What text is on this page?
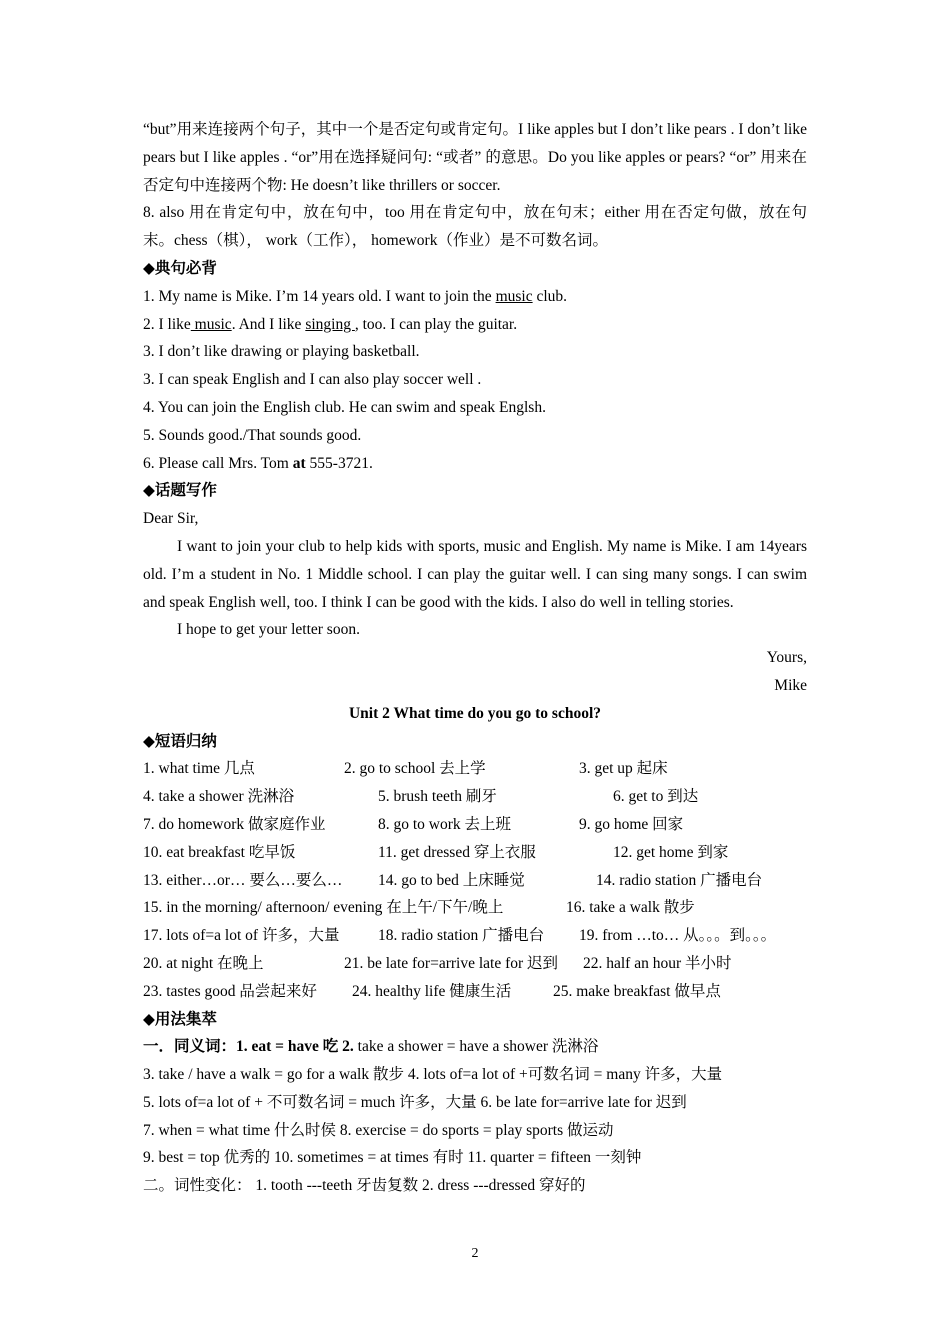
“but”用来连接两个句子，其中一个是否定句或肯定句。I like apples but I don’t like pears . I don’t like pears but I like apples . “or”用在选择疑问句: “或者” 的意思。Do you like apples or pears? “or” 用来在否定句中连接两个物: He doesn’t like thrillers or soccer.
8. also 用在肯定句中，放在句中，too 用在肯定句中，放在句末；either 用在否定句做，放在句末。chess（棋）， work（工作）， homework（作业）是不可数名词。
◆典句必背
1. My name is Mike. I’m 14 years old. I want to join the music club.
2. I like music. And I like singing , too. I can play the guitar.
3. I don’t like drawing or playing basketball.
3. I can speak English and I can also play soccer well .
4. You can join the English club. He can swim and speak Englsh.
5. Sounds good./That sounds good.
6. Please call Mrs. Tom at 555-3721.
◆话题写作
Dear Sir,
I want to join your club to help kids with sports, music and English. My name is Mike. I am 14years old. I’m a student in No. 1 Middle school. I can play the guitar well. I can sing many songs. I can swim and speak English well, too. I think I can be good with the kids. I also do well in telling stories.
I hope to get your letter soon.
Yours,
Mike
Unit 2 What time do you go to school?
◆短语归纳
1. what time 几点	2. go to school 去上学	3. get up 起床
4. take a shower 洗淋浴	5. brush teeth 刷牙	6. get to 到达
7. do homework 做家庭作业	8. go to work 去上班	9. go home 回家
10. eat breakfast 吃早饭	11. get dressed 穿上衣服	12. get home 到家
13. either…or… 要么…要么… 14. go to bed 上床睡觉	14. radio station 广播电台
15. in the morning/ afternoon/ evening 在上午/下午/晚上	16. take a walk 散步
17. lots of=a lot of 许多，大量 18. radio station 广播电台 19. from …to… 从。。。到。。。
20. at night 在晚上	21. be late for=arrive late for 迟到 22. half an hour 半小时
23. tastes good 品尝起来好 24. healthy life 健康生活	25. make breakfast 做早点
◆用法集萃
一．同义词：1. eat = have 吃 2. take a shower = have a shower 洗淋浴
3. take / have a walk = go for a walk 散步 4. lots of=a lot of +可数名词 = many 许多，大量
5. lots of=a lot of + 不可数名词 = much 许多，大量 6. be late for=arrive late for 迟到
7. when = what time 什么时侯 8. exercise = do sports = play sports 做运动
9. best = top 优秀的 10. sometimes = at times 有时 11. quarter = fifteen 一刻钟
二。词性变化： 1. tooth ---teeth 牙齿复数 2. dress ---dressed 穿好的
2
